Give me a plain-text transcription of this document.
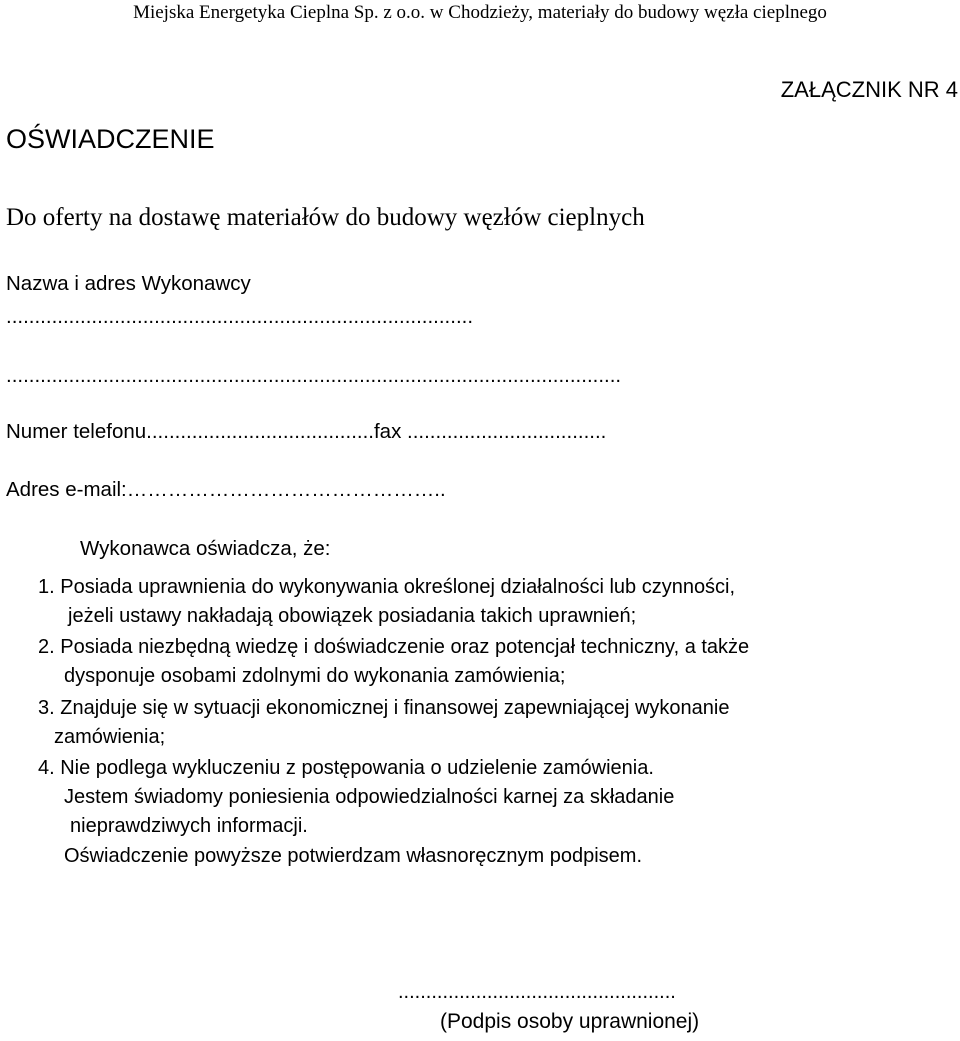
Miejska Energetyka Cieplna Sp. z o.o. w Chodzieży, materiały do budowy węzła cieplnego

ZAŁĄCZNIK NR 4

OŚWIADCZENIE

Do oferty na dostawę materiałów do budowy węzłów cieplnych

Nazwa i adres Wykonawcy

..................................................................................

............................................................................................................

Numer telefonu........................................fax ...................................

Adres e-mail:………………………………………..

Wykonawca oświadcza, że:

1. Posiada uprawnienia do wykonywania określonej działalności lub czynności,

jeżeli ustawy nakładają obowiązek posiadania takich uprawnień;

2. Posiada niezbędną wiedzę i doświadczenie oraz potencjał techniczny, a także

dysponuje osobami zdolnymi do wykonania zamówienia;

3. Znajduje się w sytuacji ekonomicznej i finansowej zapewniającej wykonanie

zamówienia;

4. Nie podlega wykluczeniu z postępowania o udzielenie zamówienia.

Jestem świadomy poniesienia odpowiedzialności karnej za składanie

nieprawdziwych informacji.

Oświadczenie powyższe potwierdzam własnoręcznym podpisem.

..................................................

(Podpis osoby uprawnionej)
